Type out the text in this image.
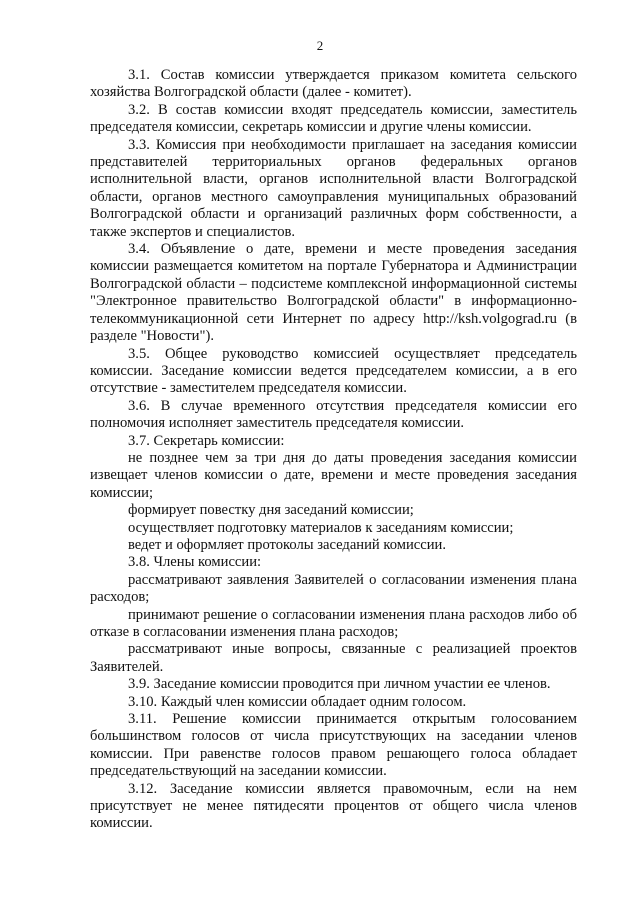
2

3.1. Состав комиссии утверждается приказом комитета сельского хозяйства Волгоградской области (далее - комитет).

3.2. В состав комиссии входят председатель комиссии, заместитель председателя комиссии, секретарь комиссии и другие члены комиссии.

3.3. Комиссия при необходимости приглашает на заседания комиссии представителей территориальных органов федеральных органов исполнительной власти, органов исполнительной власти Волгоградской области, органов местного самоуправления муниципальных образований Волгоградской области и организаций различных форм собственности, а также экспертов и специалистов.

3.4. Объявление о дате, времени и месте проведения заседания комиссии размещается комитетом на портале Губернатора и Администрации Волгоградской области – подсистеме комплексной информационной системы "Электронное правительство Волгоградской области" в информационно-телекоммуникационной сети Интернет по адресу http://ksh.volgograd.ru (в разделе "Новости").

3.5. Общее руководство комиссией осуществляет председатель комиссии. Заседание комиссии ведется председателем комиссии, а в его отсутствие - заместителем председателя комиссии.

3.6. В случае временного отсутствия председателя комиссии его полномочия исполняет заместитель председателя комиссии.

3.7. Секретарь комиссии:

не позднее чем за три дня до даты проведения заседания комиссии извещает членов комиссии о дате, времени и месте проведения заседания комиссии;

формирует повестку дня заседаний комиссии;

осуществляет подготовку материалов к заседаниям комиссии;

ведет и оформляет протоколы заседаний комиссии.

3.8. Члены комиссии:

рассматривают заявления Заявителей о согласовании изменения плана расходов;

принимают решение о согласовании изменения плана расходов либо об отказе в согласовании изменения плана расходов;

рассматривают иные вопросы, связанные с реализацией проектов Заявителей.

3.9. Заседание комиссии проводится при личном участии ее членов.

3.10. Каждый член комиссии обладает одним голосом.

3.11. Решение комиссии принимается открытым голосованием большинством голосов от числа присутствующих на заседании членов комиссии. При равенстве голосов правом решающего голоса обладает председательствующий на заседании комиссии.

3.12. Заседание комиссии является правомочным, если на нем присутствует не менее пятидесяти процентов от общего числа членов комиссии.
